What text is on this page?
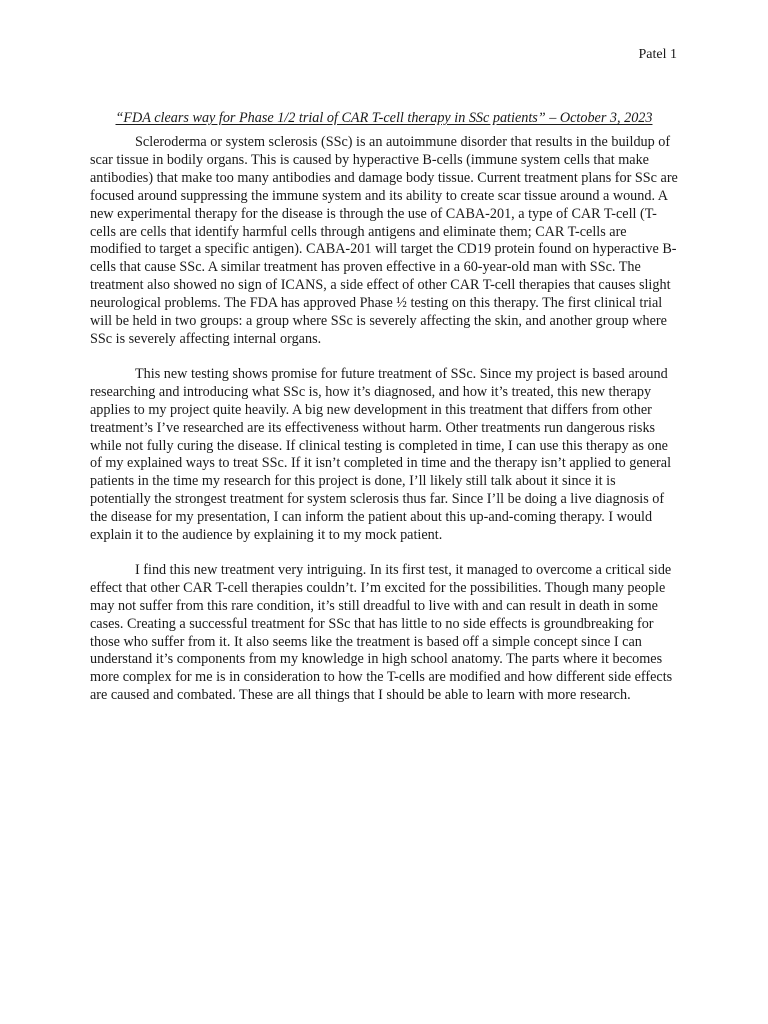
Patel 1
“FDA clears way for Phase 1/2 trial of CAR T-cell therapy in SSc patients” – October 3, 2023

Scleroderma or system sclerosis (SSc) is an autoimmune disorder that results in the buildup of scar tissue in bodily organs. This is caused by hyperactive B-cells (immune system cells that make antibodies) that make too many antibodies and damage body tissue. Current treatment plans for SSc are focused around suppressing the immune system and its ability to create scar tissue around a wound. A new experimental therapy for the disease is through the use of CABA-201, a type of CAR T-cell (T-cells are cells that identify harmful cells through antigens and eliminate them; CAR T-cells are modified to target a specific antigen). CABA-201 will target the CD19 protein found on hyperactive B-cells that cause SSc. A similar treatment has proven effective in a 60-year-old man with SSc. The treatment also showed no sign of ICANS, a side effect of other CAR T-cell therapies that causes slight neurological problems. The FDA has approved Phase ½ testing on this therapy. The first clinical trial will be held in two groups: a group where SSc is severely affecting the skin, and another group where SSc is severely affecting internal organs.

This new testing shows promise for future treatment of SSc. Since my project is based around researching and introducing what SSc is, how it’s diagnosed, and how it’s treated, this new therapy applies to my project quite heavily. A big new development in this treatment that differs from other treatment’s I’ve researched are its effectiveness without harm. Other treatments run dangerous risks while not fully curing the disease. If clinical testing is completed in time, I can use this therapy as one of my explained ways to treat SSc. If it isn’t completed in time and the therapy isn’t applied to general patients in the time my research for this project is done, I’ll likely still talk about it since it is potentially the strongest treatment for system sclerosis thus far. Since I’ll be doing a live diagnosis of the disease for my presentation, I can inform the patient about this up-and-coming therapy. I would explain it to the audience by explaining it to my mock patient.

I find this new treatment very intriguing. In its first test, it managed to overcome a critical side effect that other CAR T-cell therapies couldn’t. I’m excited for the possibilities. Though many people may not suffer from this rare condition, it’s still dreadful to live with and can result in death in some cases. Creating a successful treatment for SSc that has little to no side effects is groundbreaking for those who suffer from it. It also seems like the treatment is based off a simple concept since I can understand it’s components from my knowledge in high school anatomy. The parts where it becomes more complex for me is in consideration to how the T-cells are modified and how different side effects are caused and combated. These are all things that I should be able to learn with more research.
